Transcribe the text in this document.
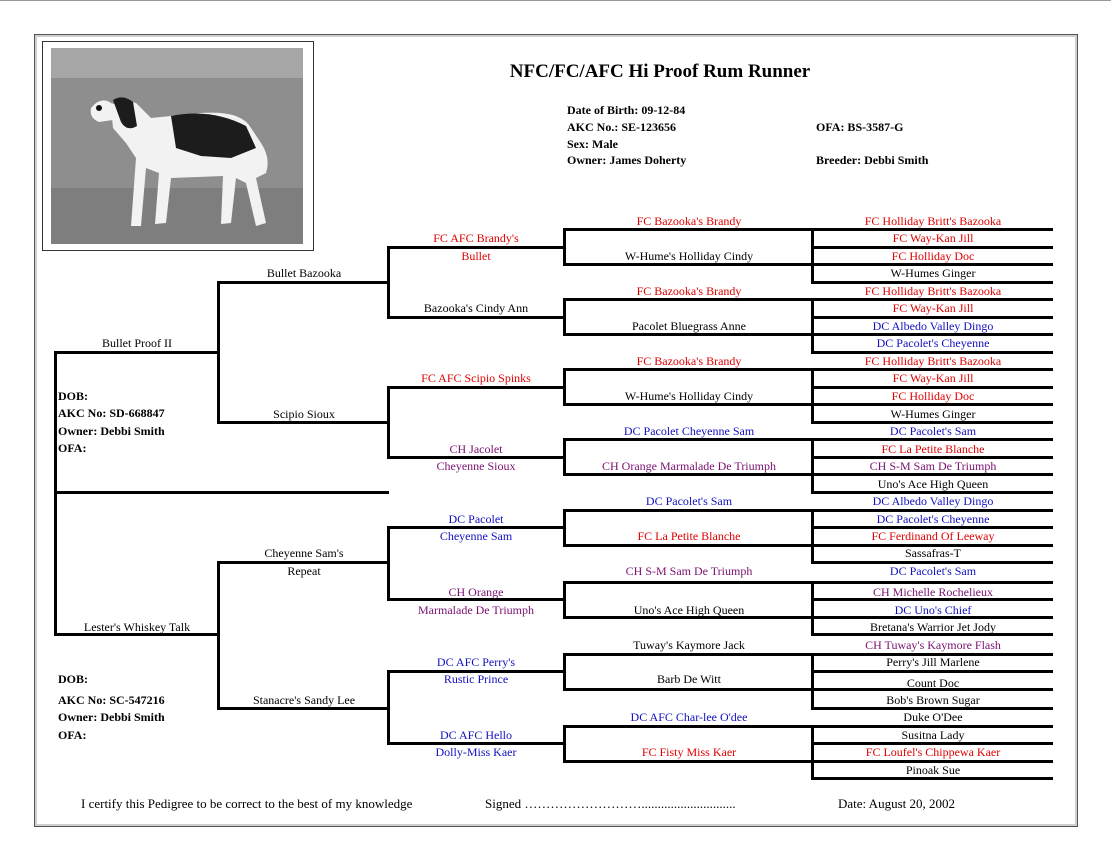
NFC/FC/AFC Hi Proof Rum Runner
Date of Birth: 09-12-84
AKC No.: SE-123656
Sex: Male
Owner: James Doherty
OFA: BS-3587-G
Breeder: Debbi Smith
Bullet Proof II
DOB:
AKC No: SD-668847
Owner: Debbi Smith
OFA:
Lester's Whiskey Talk
DOB:
AKC No: SC-547216
Owner: Debbi Smith
OFA:
Bullet Bazooka
Scipio Sioux
Cheyenne Sam's
Repeat
Stanacre's Sandy Lee
FC AFC Brandy's
Bullet
Bazooka's Cindy Ann
FC AFC Scipio Spinks
CH Jacolet
Cheyenne Sioux
DC Pacolet
Cheyenne Sam
CH Orange
Marmalade De Triumph
DC AFC Perry's
Rustic Prince
DC AFC Hello
Dolly-Miss Kaer
FC Bazooka's Brandy
W-Hume's Holliday Cindy
FC Bazooka's Brandy
Pacolet Bluegrass Anne
FC Bazooka's Brandy
W-Hume's Holliday Cindy
DC Pacolet Cheyenne Sam
CH Orange Marmalade De Triumph
DC Pacolet's Sam
FC La Petite Blanche
CH S-M Sam De Triumph
Uno's Ace High Queen
Tuway's Kaymore Jack
Barb De Witt
DC AFC Char-lee O'dee
FC Fisty Miss Kaer
FC Holliday Britt's Bazooka
FC Way-Kan Jill
FC Holliday Doc
W-Humes Ginger
FC Holliday Britt's Bazooka
FC Way-Kan Jill
DC Albedo Valley Dingo
DC Pacolet's Cheyenne
FC Holliday Britt's Bazooka
FC Way-Kan Jill
FC Holliday Doc
W-Humes Ginger
DC Pacolet's Sam
FC La Petite Blanche
CH S-M Sam De Triumph
Uno's Ace High Queen
DC Albedo Valley Dingo
DC Pacolet's Cheyenne
FC Ferdinand Of Leeway
Sassafras-T
DC Pacolet's Sam
CH Michelle Rochelieux
DC Uno's Chief
Bretana's Warrior Jet Jody
CH Tuway's Kaymore Flash
Perry's Jill Marlene
Count Doc
Bob's Brown Sugar
Duke O'Dee
Susitna Lady
FC Loufel's Chippewa Kaer
Pinoak Sue
I certify this Pedigree to be correct to the best of my knowledge	Signed ……………………….............................	Date: August 20, 2002
